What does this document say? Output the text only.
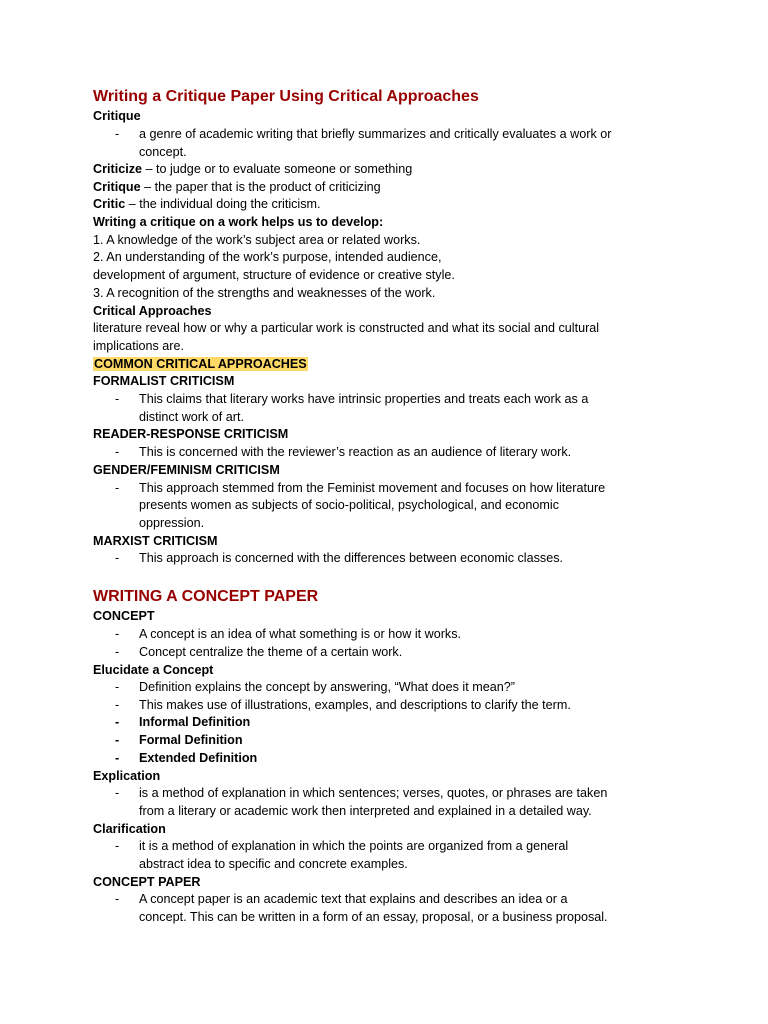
Writing a Critique Paper Using Critical Approaches
Critique
- a genre of academic writing that briefly summarizes and critically evaluates a work or
concept.
Criticize – to judge or to evaluate someone or something
Critique – the paper that is the product of criticizing
Critic – the individual doing the criticism.
Writing a critique on a work helps us to develop:
1. A knowledge of the work’s subject area or related works.
2. An understanding of the work’s purpose, intended audience,
development of argument, structure of evidence or creative style.
3. A recognition of the strengths and weaknesses of the work.
Critical Approaches
literature reveal how or why a particular work is constructed and what its social and cultural
implications are.
COMMON CRITICAL APPROACHES
FORMALIST CRITICISM
- This claims that literary works have intrinsic properties and treats each work as a
distinct work of art.
READER-RESPONSE CRITICISM
- This is concerned with the reviewer’s reaction as an audience of literary work.
GENDER/FEMINISM CRITICISM
- This approach stemmed from the Feminist movement and focuses on how literature
presents women as subjects of socio-political, psychological, and economic
oppression.
MARXIST CRITICISM
- This approach is concerned with the differences between economic classes.
WRITING A CONCEPT PAPER
CONCEPT
- A concept is an idea of what something is or how it works.
- Concept centralize the theme of a certain work.
Elucidate a Concept
- Definition explains the concept by answering, “What does it mean?”
- This makes use of illustrations, examples, and descriptions to clarify the term.
- Informal Definition
- Formal Definition
- Extended Definition
Explication
- is a method of explanation in which sentences; verses, quotes, or phrases are taken
from a literary or academic work then interpreted and explained in a detailed way.
Clarification
- it is a method of explanation in which the points are organized from a general
abstract idea to specific and concrete examples.
CONCEPT PAPER
- A concept paper is an academic text that explains and describes an idea or a
concept. This can be written in a form of an essay, proposal, or a business proposal.
